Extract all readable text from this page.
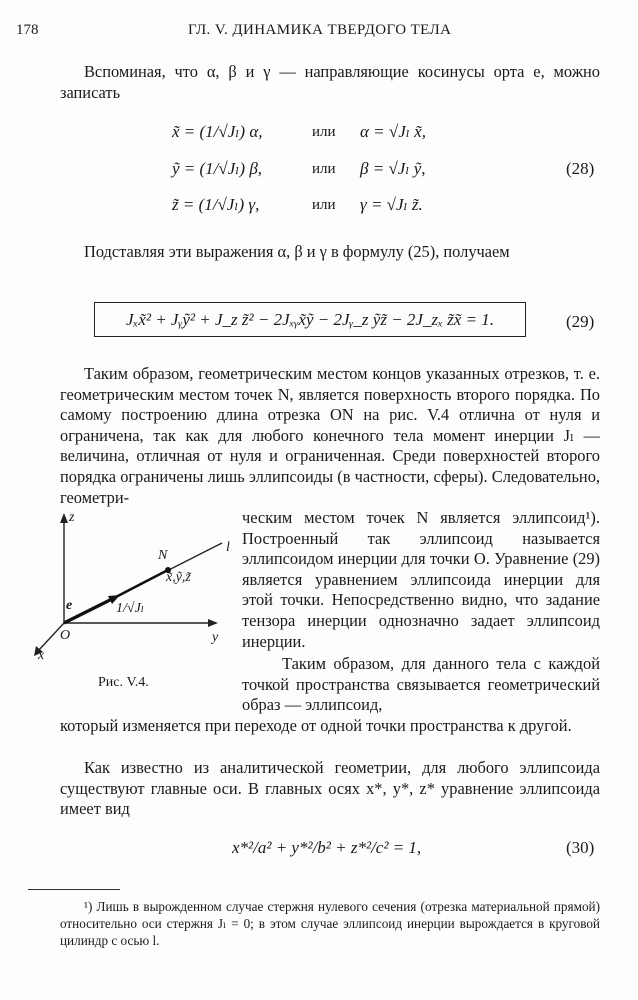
178	ГЛ. V. ДИНАМИКА ТВЕРДОГО ТЕЛА
Вспоминая, что α, β и γ — направляющие косинусы орта e, можно записать
x̃ = (1/√Jₗ) α,	или α = √Jₗ x̃,
ỹ = (1/√Jₗ) β,	или β = √Jₗ ỹ,
z̃ = (1/√Jₗ) γ,	или γ = √Jₗ z̃.
(28)
Подставляя эти выражения α, β и γ в формулу (25), получаем
Jₓx̃² + Jᵧỹ² + J_z z̃² − 2Jₓᵧx̃ỹ − 2Jᵧ_z ỹz̃ − 2J_zₓ z̃x̃ = 1.	(29)
Таким образом, геометрическим местом концов указанных отрезков, т. е. геометрическим местом точек N, является поверхность второго порядка. По самому построению длина отрезка ON на рис. V.4 отлична от нуля и ограничена, так как для любого конечного тела момент инерции Jₗ — величина, отличная от нуля и ограниченная. Среди поверхностей второго порядка ограничены лишь эллипсоиды (в частности, сферы). Следовательно, геометри-
z
x
y
O
e
N
l
x̃,ỹ,z̃
1/√Jₗ
Рис. V.4.
ческим местом точек N является эллипсоид¹). Построенный так эллипсоид называется эллипсоидом инерции для точки O. Уравнение (29) является уравнением эллипсоида инерции для этой точки. Непосредственно видно, что задание тензора инерции однозначно задает эллипсоид инерции.
Таким образом, для данного тела с каждой точкой пространства связывается геометрический образ — эллипсоид,
который изменяется при переходе от одной точки пространства к другой.
Как известно из аналитической геометрии, для любого эллипсоида существуют главные оси. В главных осях x*, y*, z* уравнение эллипсоида имеет вид
x*²/a² + y*²/b² + z*²/c² = 1,	(30)
¹) Лишь в вырожденном случае стержня нулевого сечения (отрезка материальной прямой) относительно оси стержня Jₗ = 0; в этом случае эллипсоид инерции вырождается в круговой цилиндр с осью l.
